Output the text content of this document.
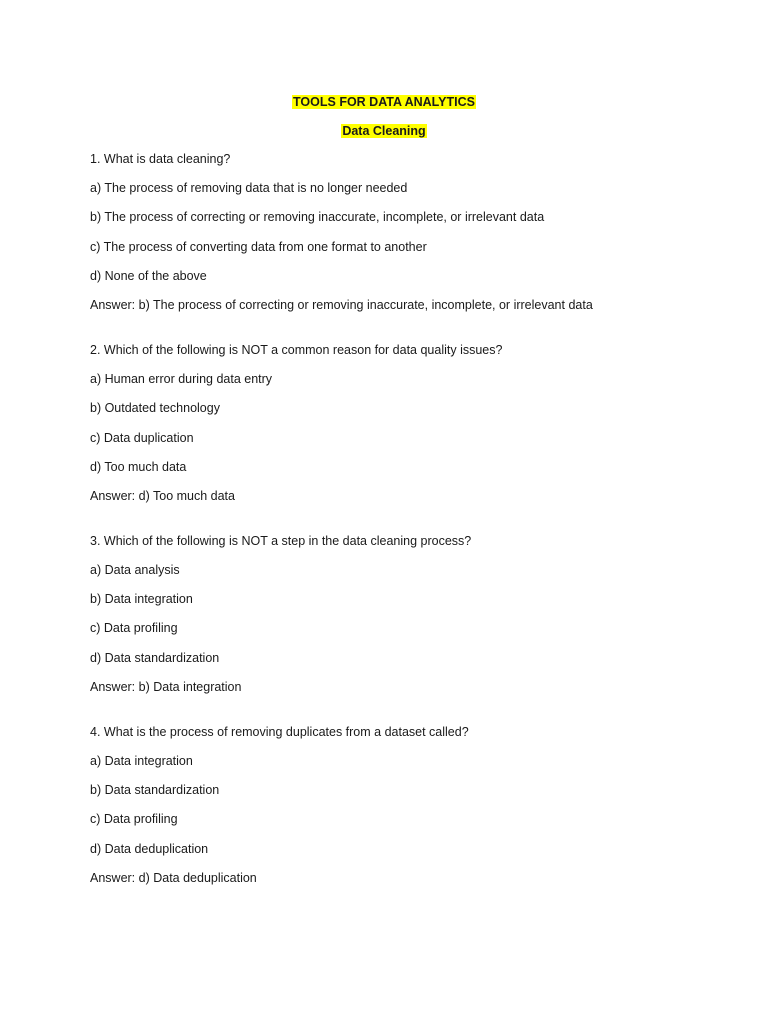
TOOLS FOR DATA ANALYTICS
Data Cleaning
1. What is data cleaning?
a) The process of removing data that is no longer needed
b) The process of correcting or removing inaccurate, incomplete, or irrelevant data
c) The process of converting data from one format to another
d) None of the above
Answer: b) The process of correcting or removing inaccurate, incomplete, or irrelevant data
2. Which of the following is NOT a common reason for data quality issues?
a) Human error during data entry
b) Outdated technology
c) Data duplication
d) Too much data
Answer: d) Too much data
3. Which of the following is NOT a step in the data cleaning process?
a) Data analysis
b) Data integration
c) Data profiling
d) Data standardization
Answer: b) Data integration
4. What is the process of removing duplicates from a dataset called?
a) Data integration
b) Data standardization
c) Data profiling
d) Data deduplication
Answer: d) Data deduplication
